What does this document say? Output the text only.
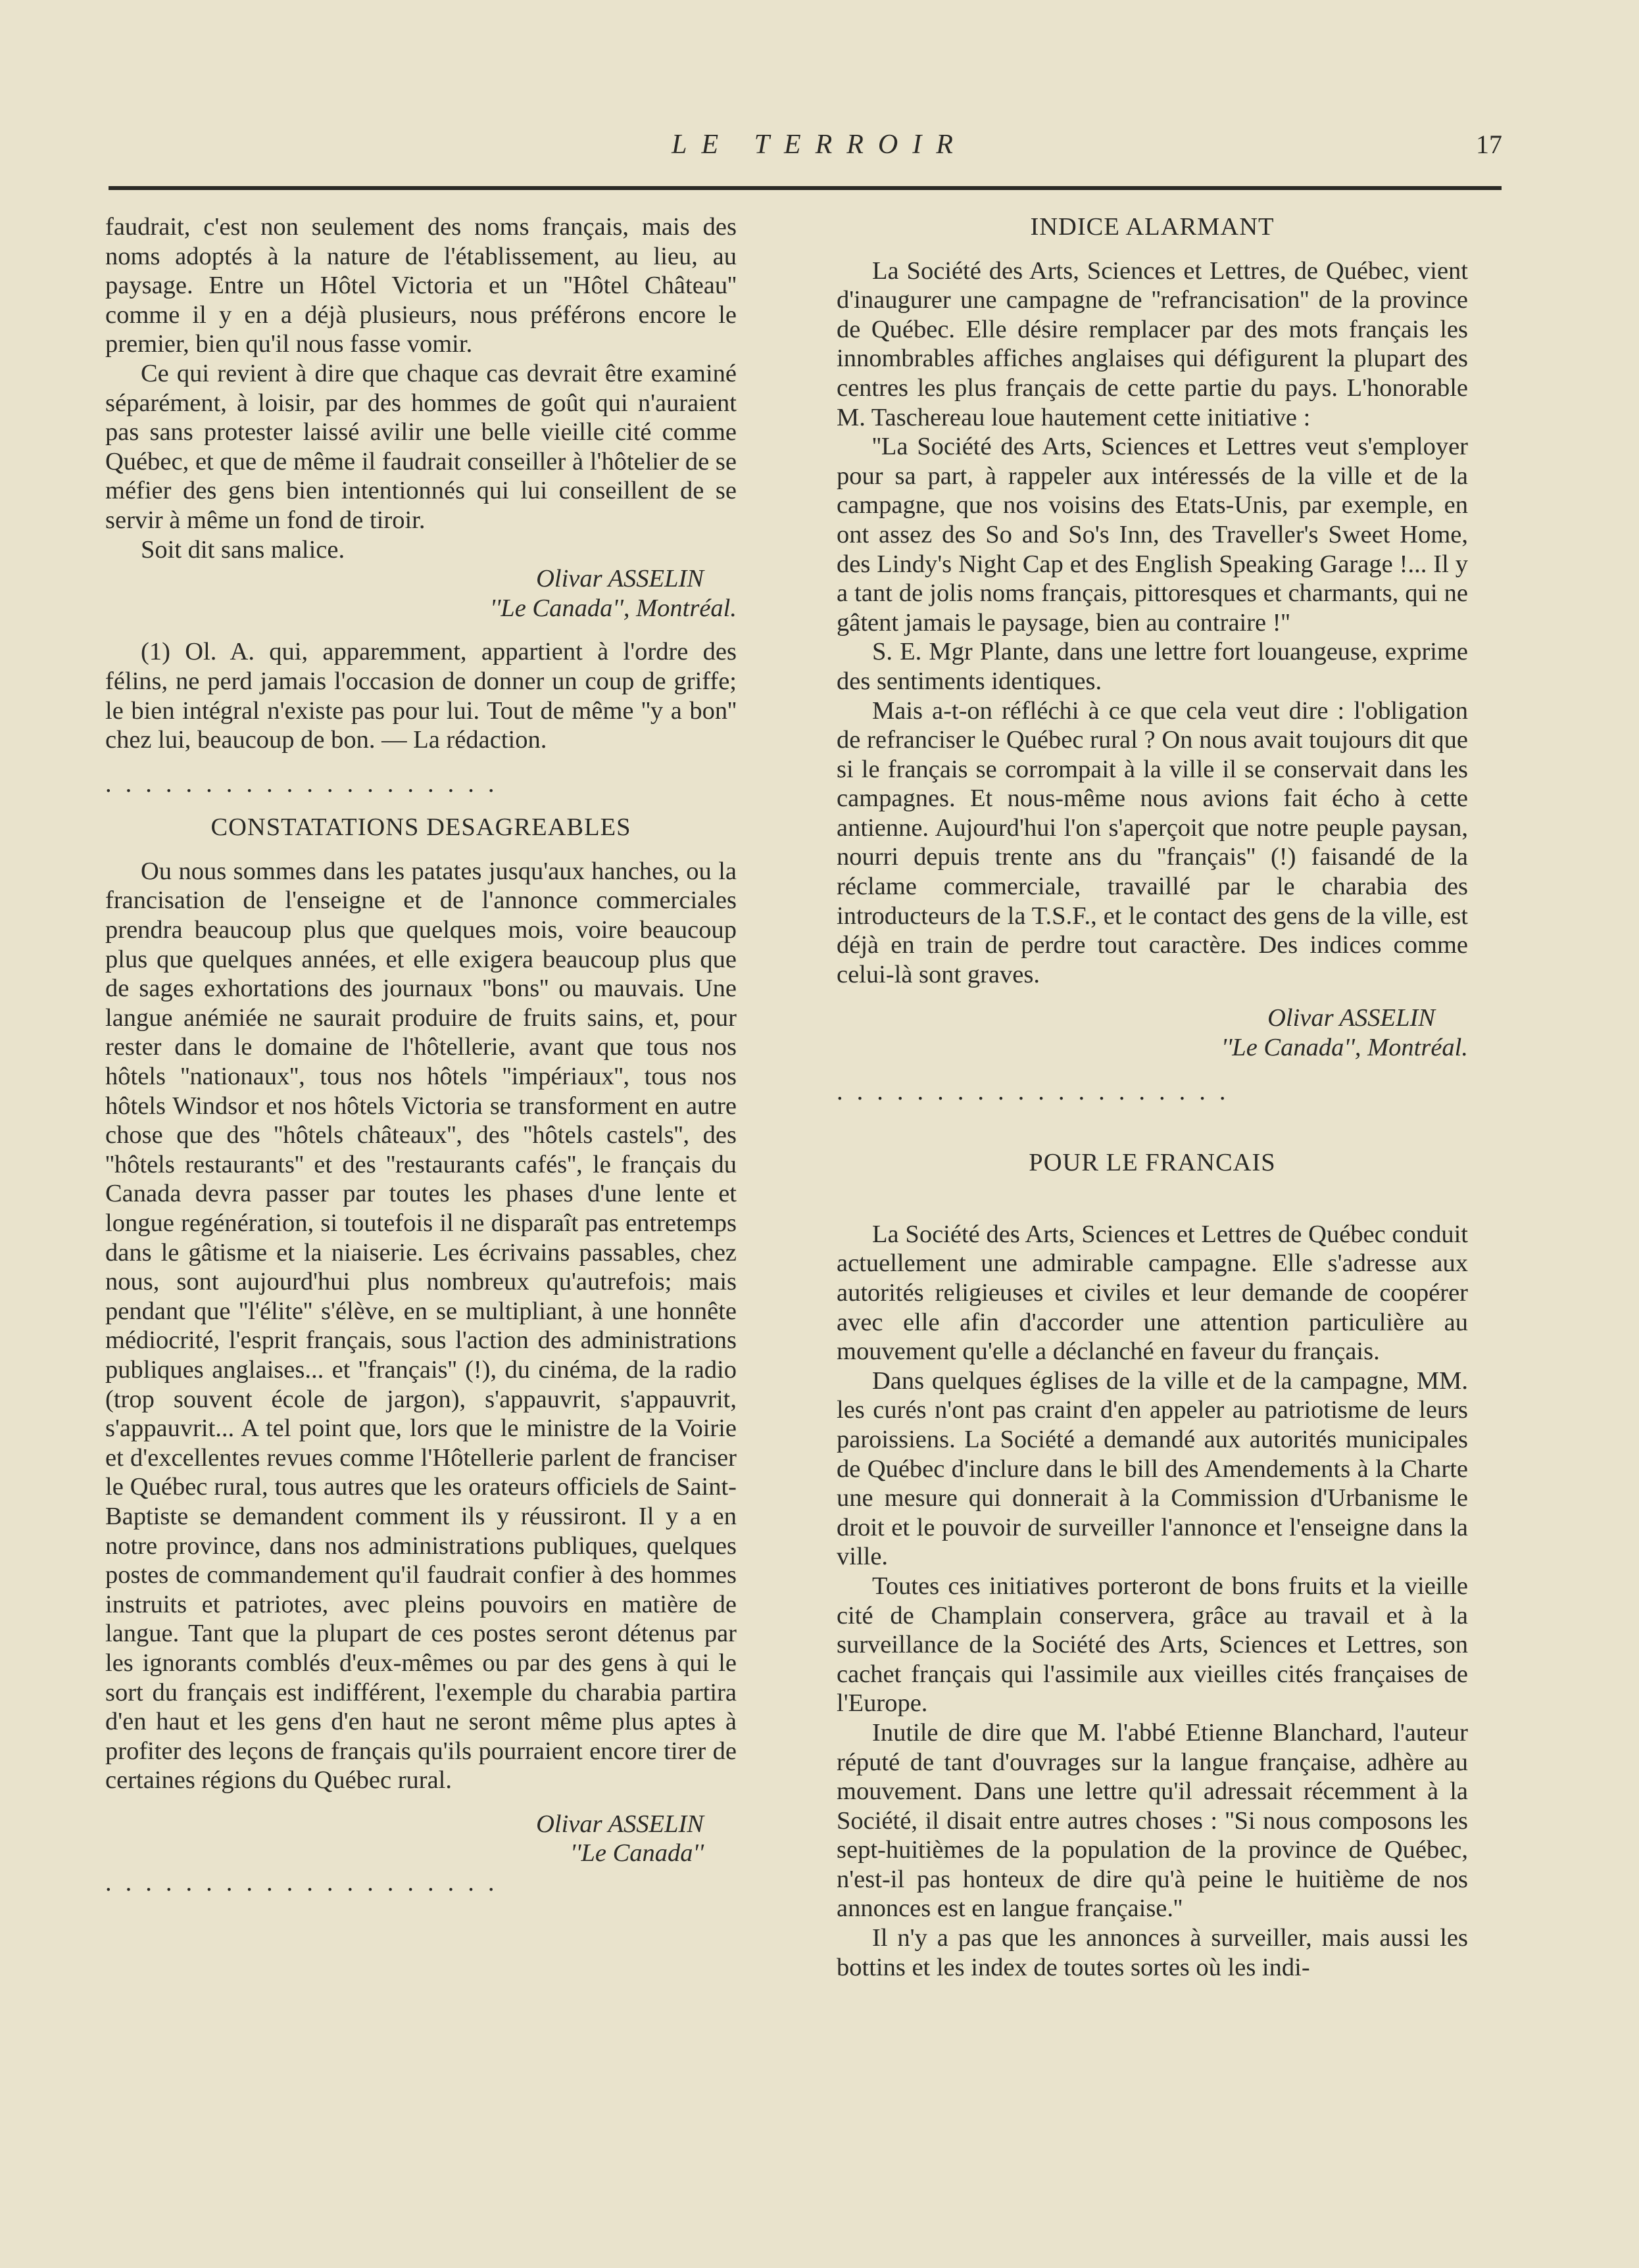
LE TERROIR	17

faudrait, c'est non seulement des noms français, mais des noms adoptés à la nature de l'établissement, au lieu, au paysage. Entre un Hôtel Victoria et un ''Hôtel Château'' comme il y en a déjà plusieurs, nous préférons encore le premier, bien qu'il nous fasse vomir.

Ce qui revient à dire que chaque cas devrait être examiné séparément, à loisir, par des hommes de goût qui n'auraient pas sans protester laissé avilir une belle vieille cité comme Québec, et que de même il faudrait conseiller à l'hôtelier de se méfier des gens bien intentionnés qui lui conseillent de se servir à même un fond de tiroir.

Soit dit sans malice.

Olivar ASSELIN

''Le Canada'', Montréal.

(1) Ol. A. qui, apparemment, appartient à l'ordre des félins, ne perd jamais l'occasion de donner un coup de griffe; le bien intégral n'existe pas pour lui. Tout de même ''y a bon'' chez lui, beaucoup de bon. — La rédaction.

....................

CONSTATATIONS DESAGREABLES

Ou nous sommes dans les patates jusqu'aux hanches, ou la francisation de l'enseigne et de l'annonce commerciales prendra beaucoup plus que quelques mois, voire beaucoup plus que quelques années, et elle exigera beaucoup plus que de sages exhortations des journaux ''bons'' ou mauvais. Une langue anémiée ne saurait produire de fruits sains, et, pour rester dans le domaine de l'hôtellerie, avant que tous nos hôtels ''nationaux'', tous nos hôtels ''impériaux'', tous nos hôtels Windsor et nos hôtels Victoria se transforment en autre chose que des ''hôtels châteaux'', des ''hôtels castels'', des ''hôtels restaurants'' et des ''restaurants cafés'', le français du Canada devra passer par toutes les phases d'une lente et longue regénération, si toutefois il ne disparaît pas entretemps dans le gâtisme et la niaiserie. Les écrivains passables, chez nous, sont aujourd'hui plus nombreux qu'autrefois; mais pendant que ''l'élite'' s'élève, en se multipliant, à une honnête médiocrité, l'esprit français, sous l'action des administrations publiques anglaises... et ''français'' (!), du cinéma, de la radio (trop souvent école de jargon), s'appauvrit, s'appauvrit, s'appauvrit... A tel point que, lors que le ministre de la Voirie et d'excellentes revues comme l'Hôtellerie parlent de franciser le Québec rural, tous autres que les orateurs officiels de Saint-Baptiste se demandent comment ils y réussiront. Il y a en notre province, dans nos administrations publiques, quelques postes de commandement qu'il faudrait confier à des hommes instruits et patriotes, avec pleins pouvoirs en matière de langue. Tant que la plupart de ces postes seront détenus par les ignorants comblés d'eux-mêmes ou par des gens à qui le sort du français est indifférent, l'exemple du charabia partira d'en haut et les gens d'en haut ne seront même plus aptes à profiter des leçons de français qu'ils pourraient encore tirer de certaines régions du Québec rural.

Olivar ASSELIN

''Le Canada''

....................

INDICE ALARMANT

La Société des Arts, Sciences et Lettres, de Québec, vient d'inaugurer une campagne de ''refrancisation'' de la province de Québec. Elle désire remplacer par des mots français les innombrables affiches anglaises qui défigurent la plupart des centres les plus français de cette partie du pays. L'honorable M. Taschereau loue hautement cette initiative :

''La Société des Arts, Sciences et Lettres veut s'employer pour sa part, à rappeler aux intéressés de la ville et de la campagne, que nos voisins des Etats-Unis, par exemple, en ont assez des So and So's Inn, des Traveller's Sweet Home, des Lindy's Night Cap et des English Speaking Garage !... Il y a tant de jolis noms français, pittoresques et charmants, qui ne gâtent jamais le paysage, bien au contraire !''

S. E. Mgr Plante, dans une lettre fort louangeuse, exprime des sentiments identiques.

Mais a-t-on réfléchi à ce que cela veut dire : l'obligation de refranciser le Québec rural ? On nous avait toujours dit que si le français se corrompait à la ville il se conservait dans les campagnes. Et nous-même nous avions fait écho à cette antienne. Aujourd'hui l'on s'aperçoit que notre peuple paysan, nourri depuis trente ans du ''français'' (!) faisandé de la réclame commerciale, travaillé par le charabia des introducteurs de la T.S.F., et le contact des gens de la ville, est déjà en train de perdre tout caractère. Des indices comme celui-là sont graves.

Olivar ASSELIN

''Le Canada'', Montréal.

....................

POUR LE FRANCAIS

La Société des Arts, Sciences et Lettres de Québec conduit actuellement une admirable campagne. Elle s'adresse aux autorités religieuses et civiles et leur demande de coopérer avec elle afin d'accorder une attention particulière au mouvement qu'elle a déclanché en faveur du français.

Dans quelques églises de la ville et de la campagne, MM. les curés n'ont pas craint d'en appeler au patriotisme de leurs paroissiens. La Société a demandé aux autorités municipales de Québec d'inclure dans le bill des Amendements à la Charte une mesure qui donnerait à la Commission d'Urbanisme le droit et le pouvoir de surveiller l'annonce et l'enseigne dans la ville.

Toutes ces initiatives porteront de bons fruits et la vieille cité de Champlain conservera, grâce au travail et à la surveillance de la Société des Arts, Sciences et Lettres, son cachet français qui l'assimile aux vieilles cités françaises de l'Europe.

Inutile de dire que M. l'abbé Etienne Blanchard, l'auteur réputé de tant d'ouvrages sur la langue française, adhère au mouvement. Dans une lettre qu'il adressait récemment à la Société, il disait entre autres choses : ''Si nous composons les sept-huitièmes de la population de la province de Québec, n'est-il pas honteux de dire qu'à peine le huitième de nos annonces est en langue française.''

Il n'y a pas que les annonces à surveiller, mais aussi les bottins et les index de toutes sortes où les indi-
